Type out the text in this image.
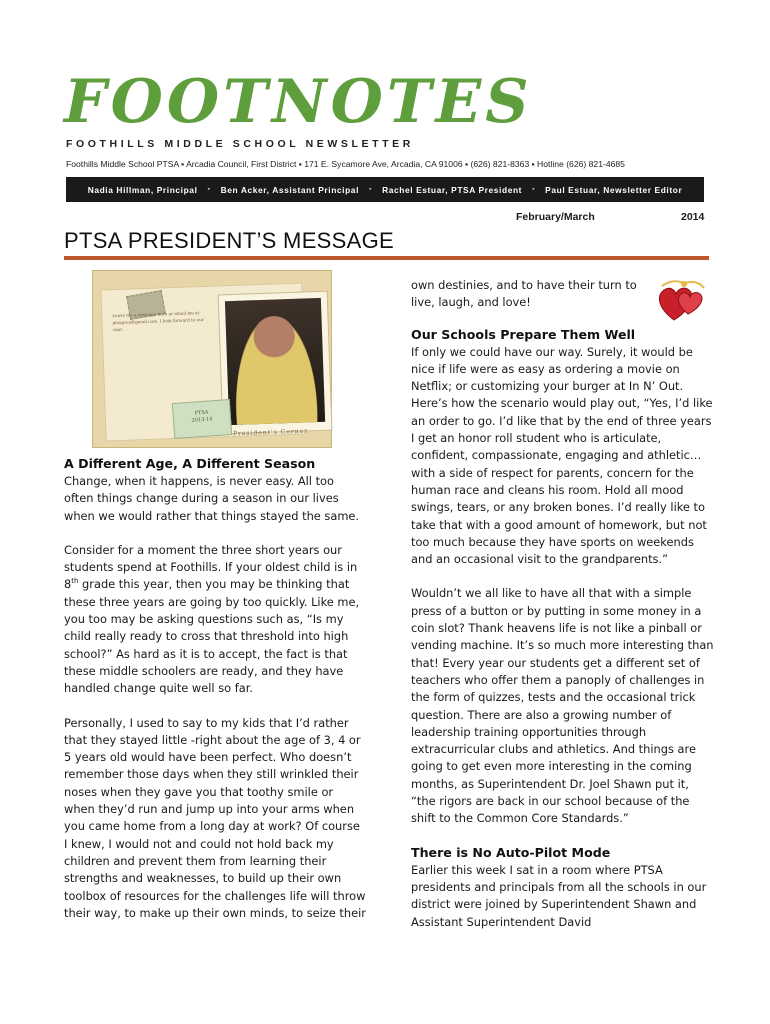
FOOTNOTES
FOOTHILLS MIDDLE SCHOOL NEWSLETTER
Foothills Middle School PTSA ▪ Arcadia Council, First District ▪ 171 E. Sycamore Ave, Arcadia, CA 91006 ▪ (626) 821-8363 ▪ Hotline (626) 821-4685
Nadia Hillman, Principal ▪ Ben Acker, Assistant Principal ▪ Rachel Estuar, PTSA President ▪ Paul Estuar, Newsletter Editor
February/March	2014
PTSA PRESIDENT’S MESSAGE
Leave me a message here or email me at ptsapres@gmail.com. I look forward to our chat.
PTSA
2013-14
President's Corner
A Different Age, A Different Season

Change, when it happens, is never easy. All too often things change during a season in our lives when we would rather that things stayed the same.

Consider for a moment the three short years our students spend at Foothills. If your oldest child is in 8th grade this year, then you may be thinking that these three years are going by too quickly. Like me, you too may be asking questions such as, “Is my child really ready to cross that threshold into high school?” As hard as it is to accept, the fact is that these middle schoolers are ready, and they have handled change quite well so far.

Personally, I used to say to my kids that I’d rather that they stayed little -right about the age of 3, 4 or 5 years old would have been perfect. Who doesn’t remember those days when they still wrinkled their noses when they gave you that toothy smile or when they’d run and jump up into your arms when you came home from a long day at work? Of course I knew, I would not and could not hold back my children and prevent them from learning their strengths and weaknesses, to build up their own toolbox of resources for the challenges life will throw their way, to make up their own minds, to seize their

own destinies, and to have their turn to live, laugh, and love!

Our Schools Prepare Them Well

If only we could have our way. Surely, it would be nice if life were as easy as ordering a movie on Netflix; or customizing your burger at In N’ Out. Here’s how the scenario would play out, “Yes, I’d like an order to go. I’d like that by the end of three years I get an honor roll student who is articulate, confident, compassionate, engaging and athletic…with a side of respect for parents, concern for the human race and cleans his room. Hold all mood swings, tears, or any broken bones. I’d really like to take that with a good amount of homework, but not too much because they have sports on weekends and an occasional visit to the grandparents.”

Wouldn’t we all like to have all that with a simple press of a button or by putting in some money in a coin slot? Thank heavens life is not like a pinball or vending machine. It’s so much more interesting than that! Every year our students get a different set of teachers who offer them a panoply of challenges in the form of quizzes, tests and the occasional trick question. There are also a growing number of leadership training opportunities through extracurricular clubs and athletics. And things are going to get even more interesting in the coming months, as Superintendent Dr. Joel Shawn put it, “the rigors are back in our school because of the shift to the Common Core Standards.”

There is No Auto-Pilot Mode

Earlier this week I sat in a room where PTSA presidents and principals from all the schools in our district were joined by Superintendent Shawn and Assistant Superintendent David
